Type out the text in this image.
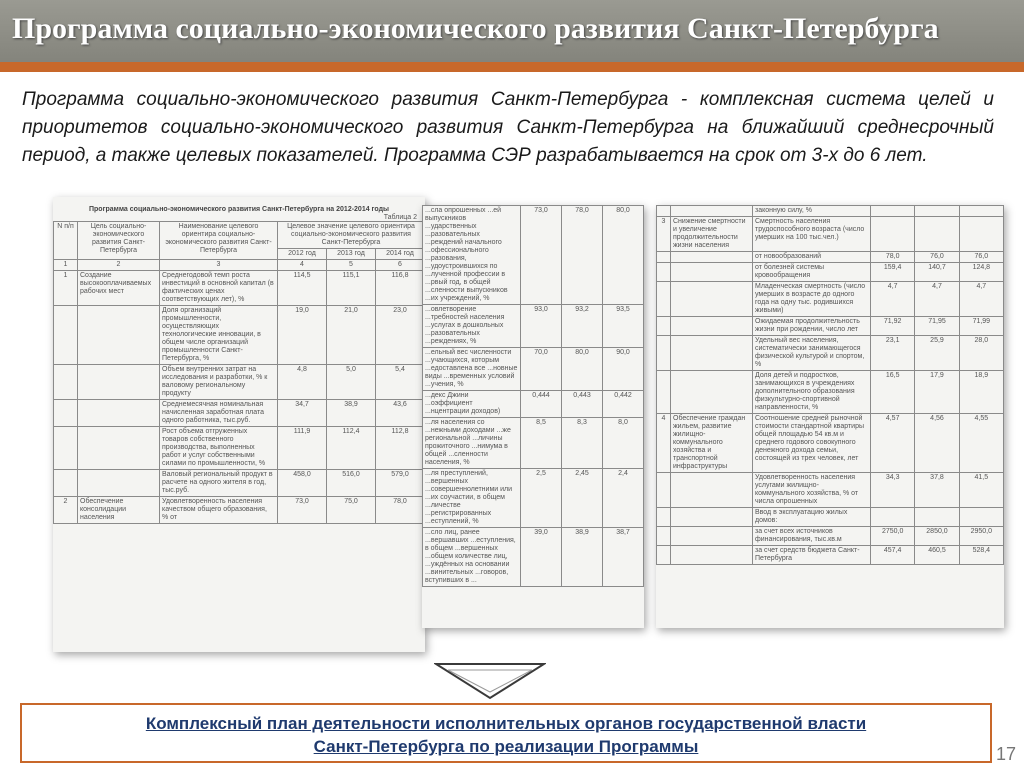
Программа социально-экономического развития Санкт-Петербурга

Программа социально-экономического развития Санкт-Петербурга - комплексная система целей и приоритетов социально-экономического развития Санкт-Петербурга на ближайший среднесрочный период, а также целевых показателей. Программа СЭР разрабатывается на срок от 3-х до 6 лет.

Программа социально-экономического развития Санкт-Петербурга на 2012-2014 годы
Таблица 2
N п/п	Цель социально-экономического развития Санкт-Петербурга	Наименование целевого ориентира социально-экономического развития Санкт-Петербурга	Целевое значение целевого ориентира социально-экономического развития Санкт-Петербурга		
			2012 год	2013 год	2014 год
1	2	3	4	5	6
1	Создание высокооплачиваемых рабочих мест	Среднегодовой темп роста инвестиций в основной капитал (в фактических ценах соответствующих лет), %	114,5	115,1	116,8
		Доля организаций промышленности, осуществляющих технологические инновации, в общем числе организаций промышленности Санкт-Петербурга, %	19,0	21,0	23,0
		Объем внутренних затрат на исследования и разработки, % к валовому региональному продукту	4,8	5,0	5,4
		Среднемесячная номинальная начисленная заработная плата одного работника, тыс.руб.	34,7	38,9	43,6
		Рост объема отгруженных товаров собственного производства, выполненных работ и услуг собственными силами по промышленности, %	111,9	112,4	112,8
		Валовый региональный продукт в расчете на одного жителя в год, тыс.руб.	458,0	516,0	579,0
2	Обеспечение консолидации населения	Удовлетворенность населения качеством общего образования, % от	73,0	75,0	78,0
...сла опрошенных ...ей выпускников ...ударственных ...разовательных ...реждений начального ...офессионального ...разования, ...удоустроившихся по ...лученной профессии в ...рвый год, в общей ...сленности выпускников ...их учреждений, %	73,0	78,0	80,0
...овлетворение ...требностей населения ...услугах в дошкольных ...разовательных ...реждениях, %	93,0	93,2	93,5
...ельный вес численности ...учающихся, которым ...едоставлена все ...новные виды ...временных условий ...учения, %	70,0	80,0	90,0
...декс Джини ...оэффициент ...нцентрации доходов)	0,444	0,443	0,442
...ля населения со ...нежными доходами ...же региональной ...личины прожиточного ...нимума в общей ...сленности населения, %	8,5	8,3	8,0
...ля преступлений, ...вершенных ...совершеннолетними или ...их соучастии, в общем ...личестве ...регистрированных ...еступлений, %	2,5	2,45	2,4
...сло лиц, ранее ...вершавших ...еступления, в общем ...вершенных ...общем количестве лиц, ...уждённых на основании ...винительных ...говоров, вступивших в ...	39,0	38,9	38,7
		законную силу, %			
3	Снижение смертности и увеличение продолжительности жизни населения	Смертность населения трудоспособного возраста (число умерших на 100 тыс.чел.)			
		от новообразований	78,0	76,0	76,0
		от болезней системы кровообращения	159,4	140,7	124,8
		Младенческая смертность (число умерших в возрасте до одного года на одну тыс. родившихся живыми)	4,7	4,7	4,7
		Ожидаемая продолжительность жизни при рождении, число лет	71,92	71,95	71,99
		Удельный вес населения, систематически занимающегося физической культурой и спортом, %	23,1	25,9	28,0
		Доля детей и подростков, занимающихся в учреждениях дополнительного образования физкультурно-спортивной направленности, %	16,5	17,9	18,9
4	Обеспечение граждан жильем, развитие жилищно-коммунального хозяйства и транспортной инфраструктуры	Соотношение средней рыночной стоимости стандартной квартиры общей площадью 54 кв.м и среднего годового совокупного денежного дохода семьи, состоящей из трех человек, лет	4,57	4,56	4,55
		Удовлетворенность населения услугами жилищно-коммунального хозяйства, % от числа опрошенных	34,3	37,8	41,5
		Ввод в эксплуатацию жилых домов:			
		за счет всех источников финансирования, тыс.кв.м	2750,0	2850,0	2950,0
		за счет средств бюджета Санкт-Петербурга	457,4	460,5	528,4
Комплексный план деятельности исполнительных органов государственной власти
Санкт-Петербурга по реализации Программы	17
